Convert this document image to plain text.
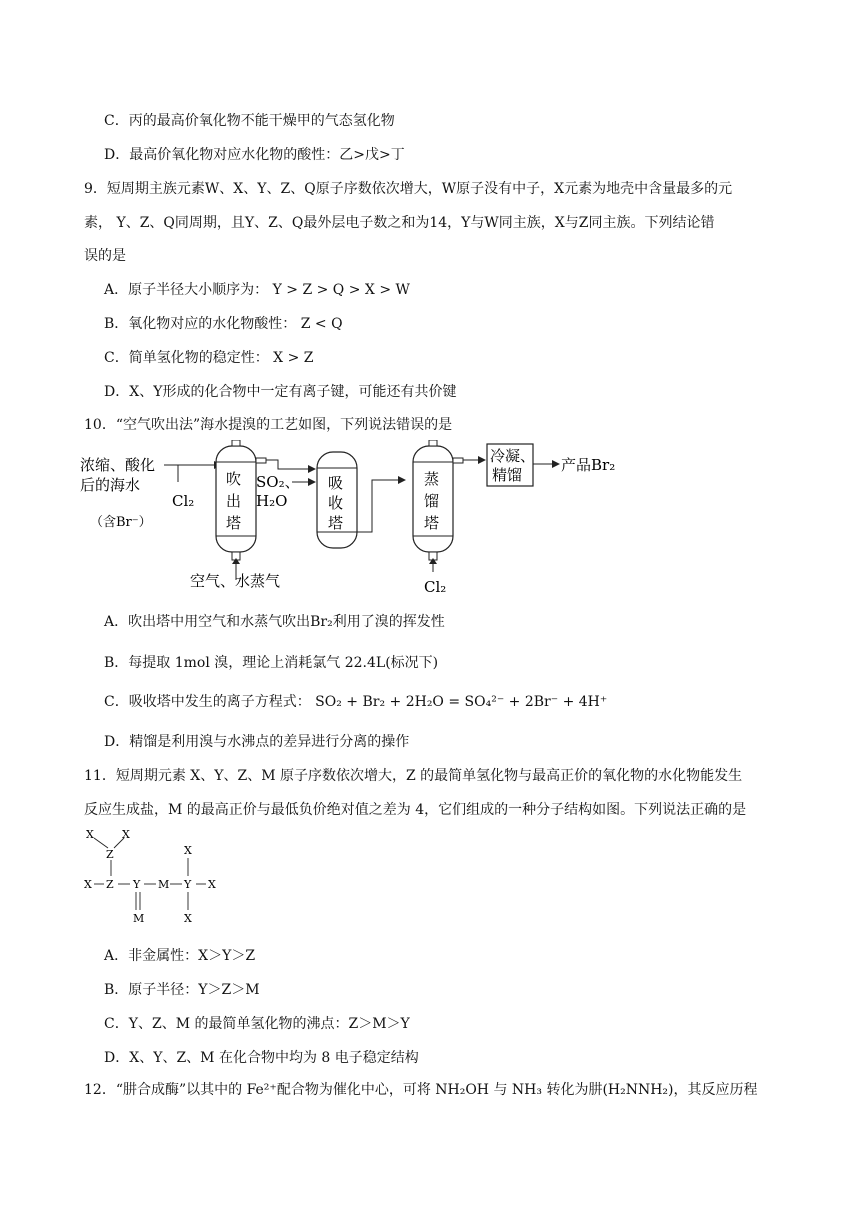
C．丙的最高价氧化物不能干燥甲的气态氢化物
D．最高价氧化物对应水化物的酸性：乙>戊>丁
9．短周期主族元素W、X、Y、Z、Q原子序数依次增大，W原子没有中子，X元素为地壳中含量最多的元
素， Y、Z、Q同周期，且Y、Z、Q最外层电子数之和为14，Y与W同主族，X与Z同主族。下列结论错
误的是
A．原子半径大小顺序为： Y > Z > Q > X > W
B．氧化物对应的水化物酸性： Z < Q
C．简单氢化物的稳定性： X > Z
D．X、Y形成的化合物中一定有离子键，可能还有共价键
10．“空气吹出法”海水提溴的工艺如图，下列说法错误的是
浓缩、酸化
后的海水
（含Br⁻）
Cl₂
吹
出
塔
空气、水蒸气
SO₂、
H₂O
吸
收
塔
蒸
馏
塔
Cl₂
冷凝、
精馏
产品Br₂
A．吹出塔中用空气和水蒸气吹出Br₂利用了溴的挥发性
B．每提取 1mol 溴，理论上消耗氯气 22.4L(标况下)
C．吸收塔中发生的离子方程式： SO₂ + Br₂ + 2H₂O = SO₄²⁻ + 2Br⁻ + 4H⁺
D．精馏是利用溴与水沸点的差异进行分离的操作
11．短周期元素 X、Y、Z、M 原子序数依次增大，Z 的最简单氢化物与最高正价的氧化物的水化物能发生
反应生成盐，M 的最高正价与最低负价绝对值之差为 4，它们组成的一种分子结构如图。下列说法正确的是
X	X
Z	X
X Z Y M Y X
M	X
A．非金属性：X＞Y＞Z
B．原子半径：Y＞Z＞M
C．Y、Z、M 的最简单氢化物的沸点：Z＞M＞Y
D．X、Y、Z、M 在化合物中均为 8 电子稳定结构
12．“肼合成酶”以其中的 Fe²⁺配合物为催化中心，可将 NH₂OH 与 NH₃ 转化为肼(H₂NNH₂)，其反应历程
